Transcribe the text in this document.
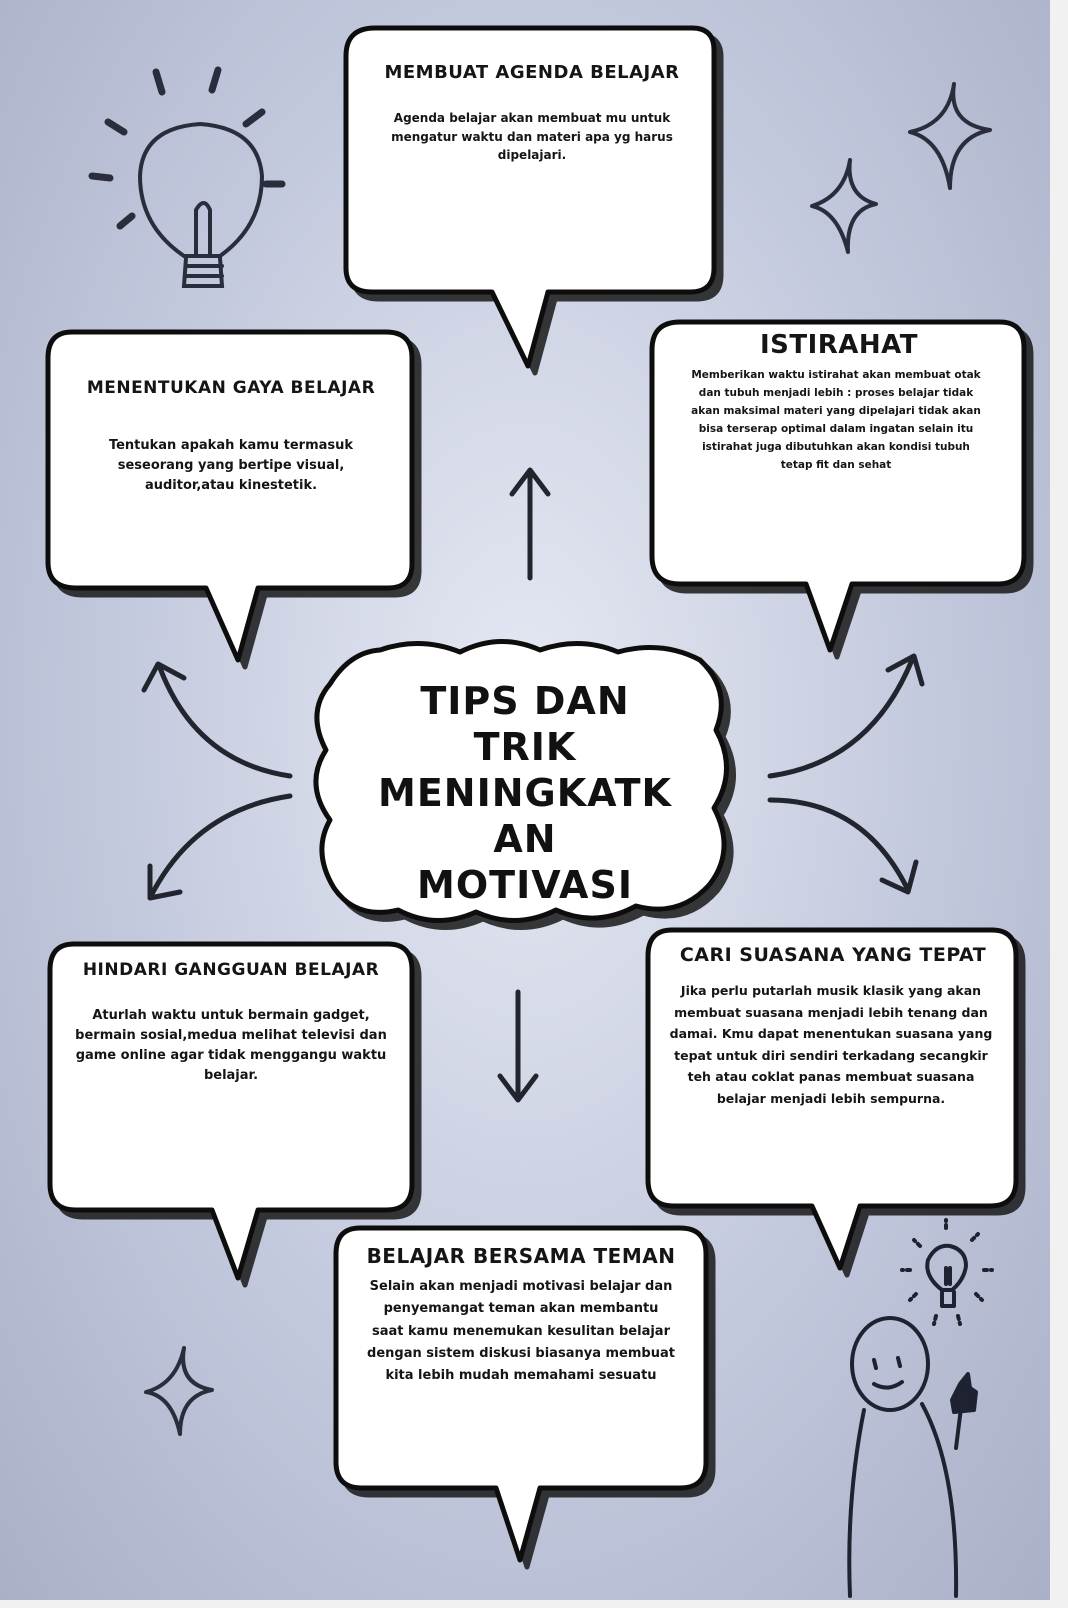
MEMBUAT AGENDA BELAJAR
Agenda belajar akan membuat mu untuk mengatur waktu dan materi apa yg harus dipelajari.
MENENTUKAN GAYA BELAJAR
Tentukan apakah kamu termasuk seseorang yang bertipe visual, auditor,atau kinestetik.
ISTIRAHAT
Memberikan waktu istirahat akan membuat otak dan tubuh menjadi lebih : proses belajar tidak akan maksimal materi yang dipelajari tidak akan bisa terserap optimal dalam ingatan selain itu istirahat juga dibutuhkan akan kondisi tubuh tetap fit dan sehat
HINDARI GANGGUAN BELAJAR
Aturlah waktu untuk bermain gadget, bermain sosial,medua melihat televisi dan game online agar tidak menggangu waktu belajar.
CARI SUASANA YANG TEPAT
Jika perlu putarlah musik klasik yang akan membuat suasana menjadi lebih tenang dan damai. Kmu dapat menentukan suasana yang tepat untuk diri sendiri terkadang secangkir teh atau coklat panas membuat suasana belajar menjadi lebih sempurna.
BELAJAR BERSAMA TEMAN
Selain akan menjadi motivasi belajar dan penyemangat teman akan membantu saat kamu menemukan kesulitan belajar dengan sistem diskusi biasanya membuat kita lebih mudah memahami sesuatu
TIPS DAN
TRIK
MENINGKATK
AN
MOTIVASI
